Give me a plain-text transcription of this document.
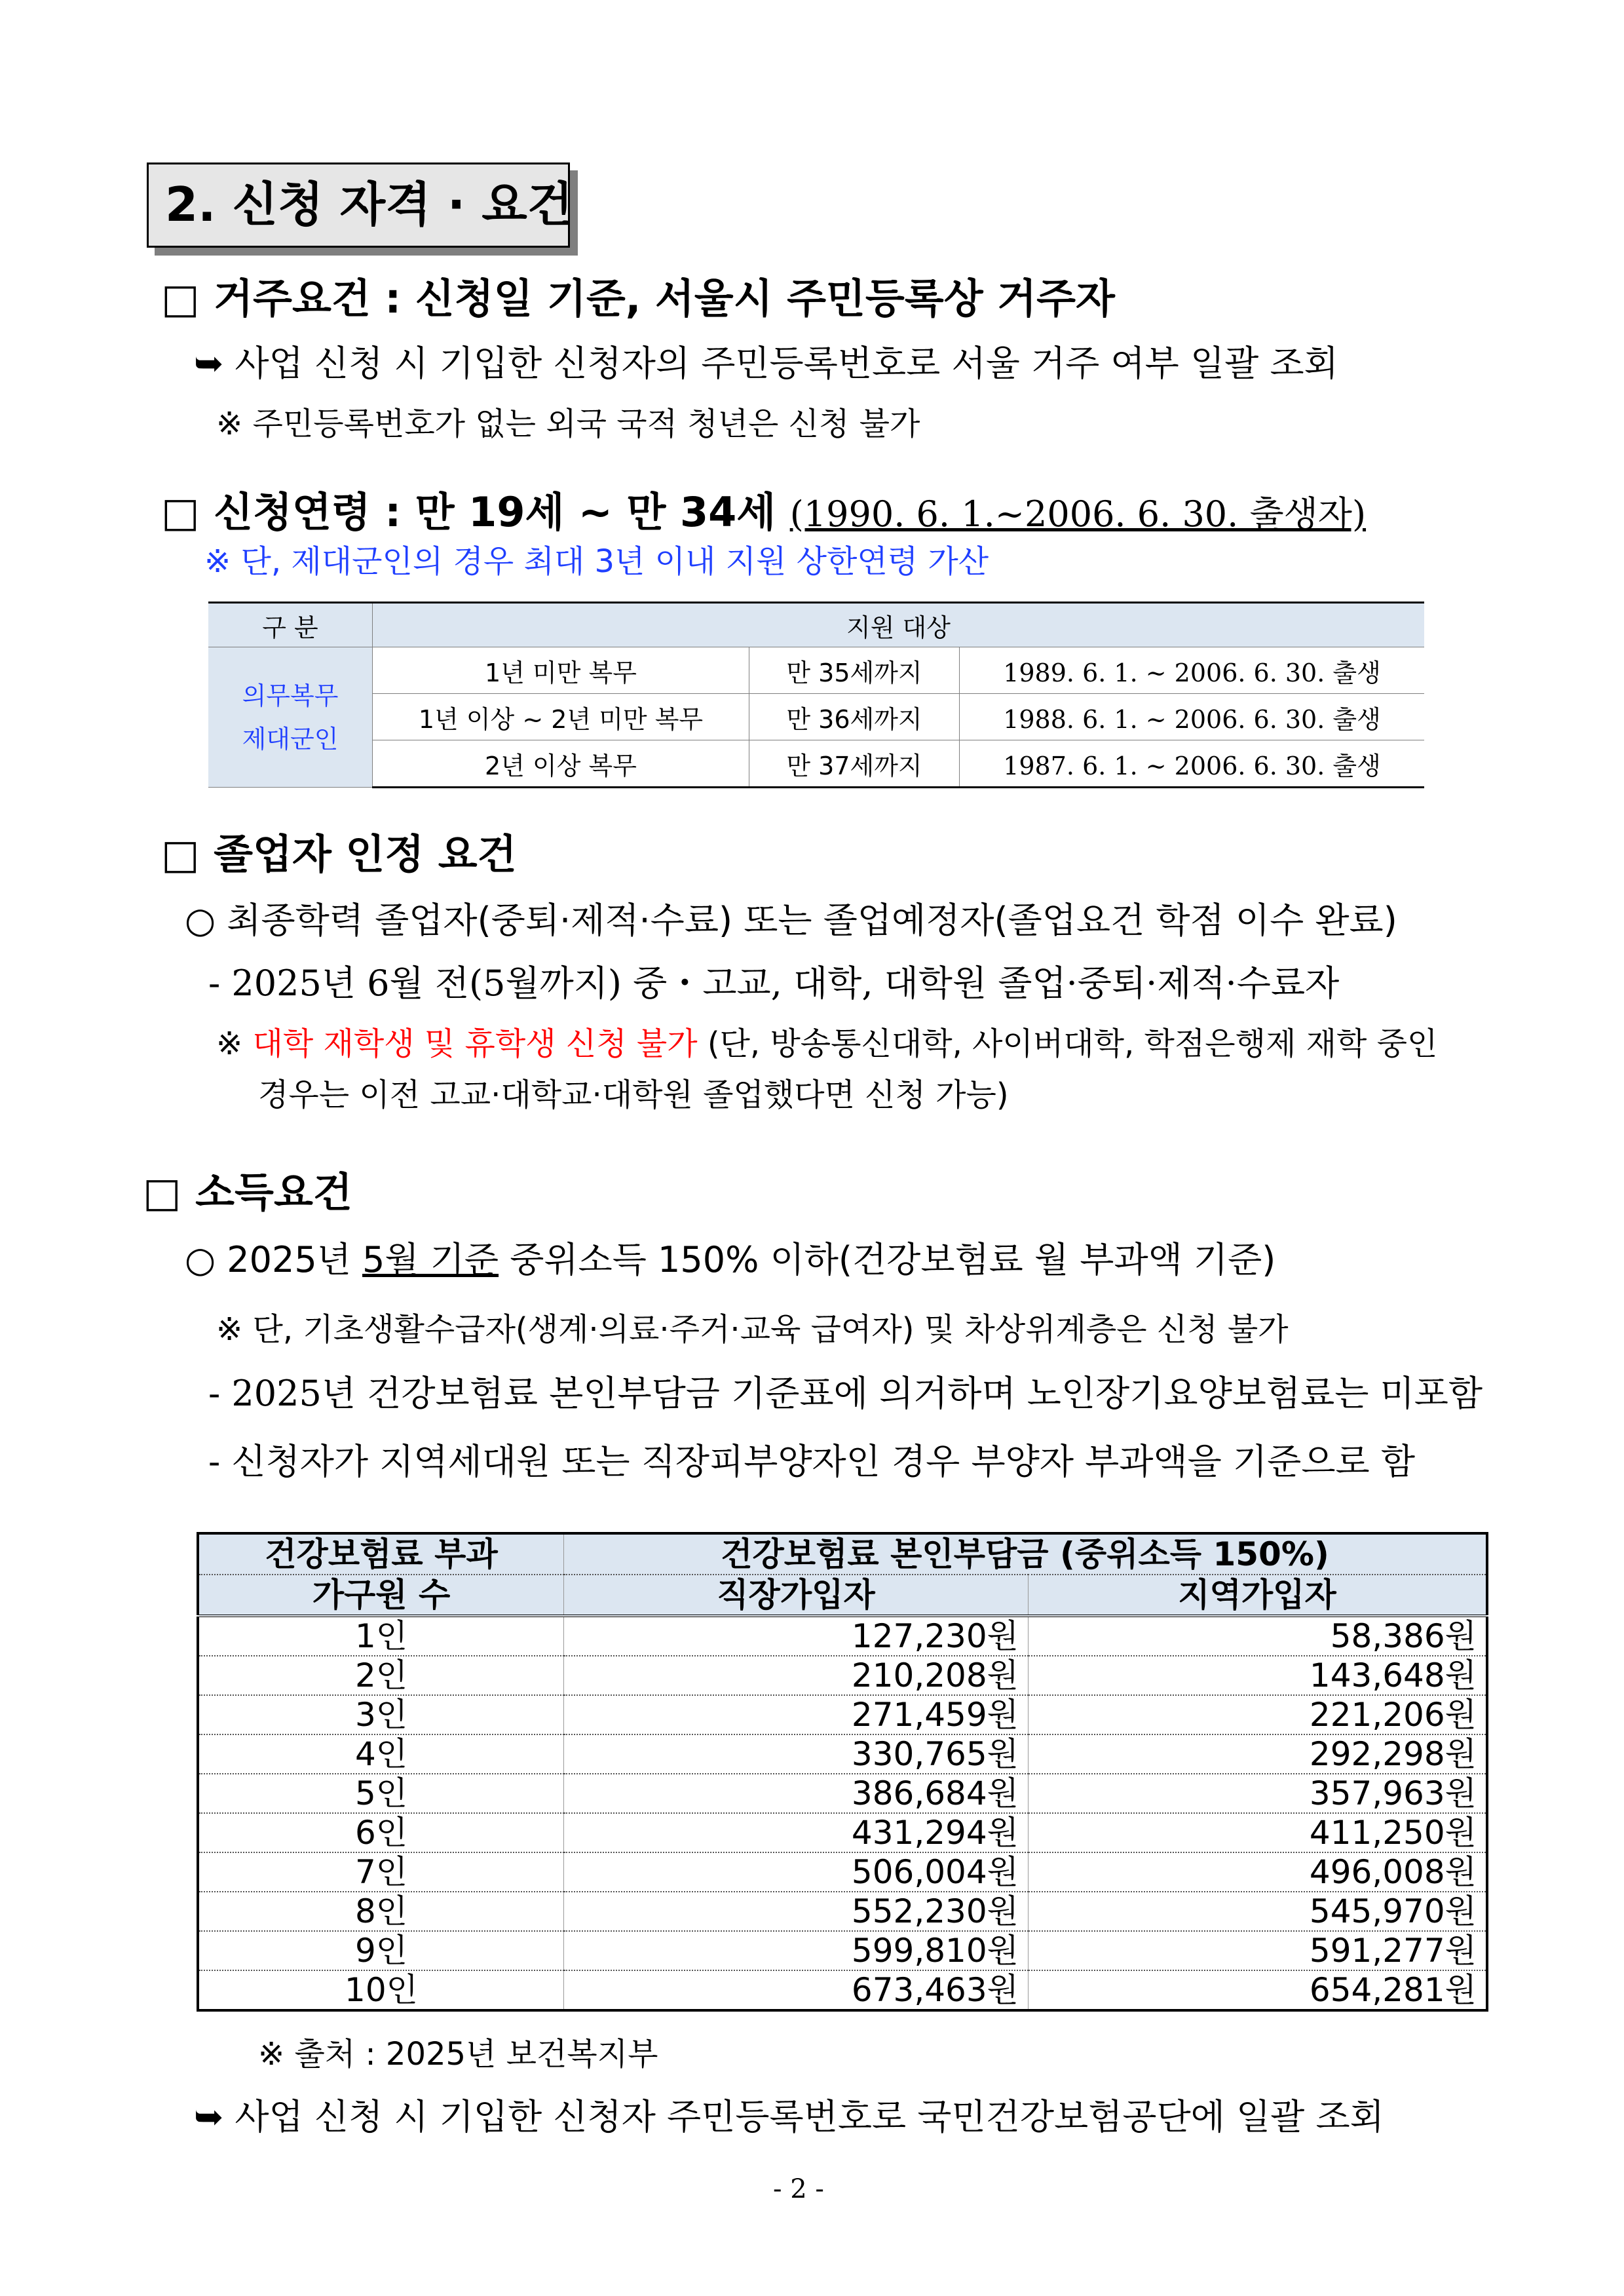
2. 신청 자격 · 요건
□ 거주요건 : 신청일 기준, 서울시 주민등록상 거주자
➥ 사업 신청 시 기입한 신청자의 주민등록번호로 서울 거주 여부 일괄 조회
※ 주민등록번호가 없는 외국 국적 청년은 신청 불가
□ 신청연령 : 만 19세 ~ 만 34세 (1990. 6. 1.~2006. 6. 30. 출생자)
※ 단, 제대군인의 경우 최대 3년 이내 지원 상한연령 가산
구 분	지원 대상		

의무복무
제대군인	1년 미만 복무	만 35세까지	1989. 6. 1. ~ 2006. 6. 30. 출생
	1년 이상 ~ 2년 미만 복무	만 36세까지	1988. 6. 1. ~ 2006. 6. 30. 출생
	2년 이상 복무	만 37세까지	1987. 6. 1. ~ 2006. 6. 30. 출생
□ 졸업자 인정 요건
○ 최종학력 졸업자(중퇴·제적·수료) 또는 졸업예정자(졸업요건 학점 이수 완료)
- 2025년 6월 전(5월까지) 중・고교, 대학, 대학원 졸업·중퇴·제적·수료자
※ 대학 재학생 및 휴학생 신청 불가 (단, 방송통신대학, 사이버대학, 학점은행제 재학 중인
경우는 이전 고교·대학교·대학원 졸업했다면 신청 가능)
□ 소득요건
○ 2025년 5월 기준 중위소득 150% 이하(건강보험료 월 부과액 기준)
※ 단, 기초생활수급자(생계·의료·주거·교육 급여자) 및 차상위계층은 신청 불가
- 2025년 건강보험료 본인부담금 기준표에 의거하며 노인장기요양보험료는 미포함
- 신청자가 지역세대원 또는 직장피부양자인 경우 부양자 부과액을 기준으로 함
건강보험료 부과	건강보험료 본인부담금 (중위소득 150%)	
가구원 수	직장가입자	지역가입자
1인	127,230원	58,386원
2인	210,208원	143,648원
3인	271,459원	221,206원
4인	330,765원	292,298원
5인	386,684원	357,963원
6인	431,294원	411,250원
7인	506,004원	496,008원
8인	552,230원	545,970원
9인	599,810원	591,277원
10인	673,463원	654,281원
※ 출처 : 2025년 보건복지부
➥ 사업 신청 시 기입한 신청자 주민등록번호로 국민건강보험공단에 일괄 조회
- 2 -
